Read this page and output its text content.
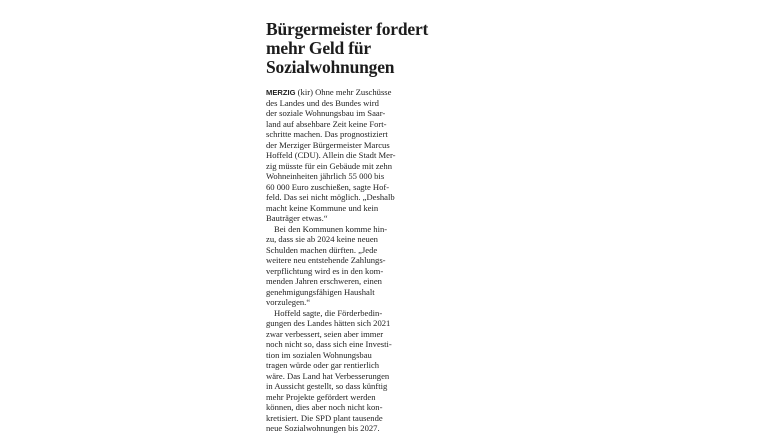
Bürgermeister fordert
mehr Geld für
Sozialwohnungen
MERZIG (kir) Ohne mehr Zuschüsse
des Landes und des Bundes wird
der soziale Wohnungsbau im Saar-
land auf absehbare Zeit keine Fort-
schritte machen. Das prognostiziert
der Merziger Bürgermeister Marcus
Hoffeld (CDU). Allein die Stadt Mer-
zig müsste für ein Gebäude mit zehn
Wohneinheiten jährlich 55 000 bis
60 000 Euro zuschießen, sagte Hof-
feld. Das sei nicht möglich. „Deshalb
macht keine Kommune und kein
Bauträger etwas.“
Bei den Kommunen komme hin-
zu, dass sie ab 2024 keine neuen
Schulden machen dürften. „Jede
weitere neu entstehende Zahlungs-
verpflichtung wird es in den kom-
menden Jahren erschweren, einen
genehmigungsfähigen Haushalt
vorzulegen.“
Hoffeld sagte, die Förderbedin-
gungen des Landes hätten sich 2021
zwar verbessert, seien aber immer
noch nicht so, dass sich eine Investi-
tion im sozialen Wohnungsbau
tragen würde oder gar rentierlich
wäre. Das Land hat Verbesserungen
in Aussicht gestellt, so dass künftig
mehr Projekte gefördert werden
können, dies aber noch nicht kon-
kretisiert. Die SPD plant tausende
neue Sozialwohnungen bis 2027.
